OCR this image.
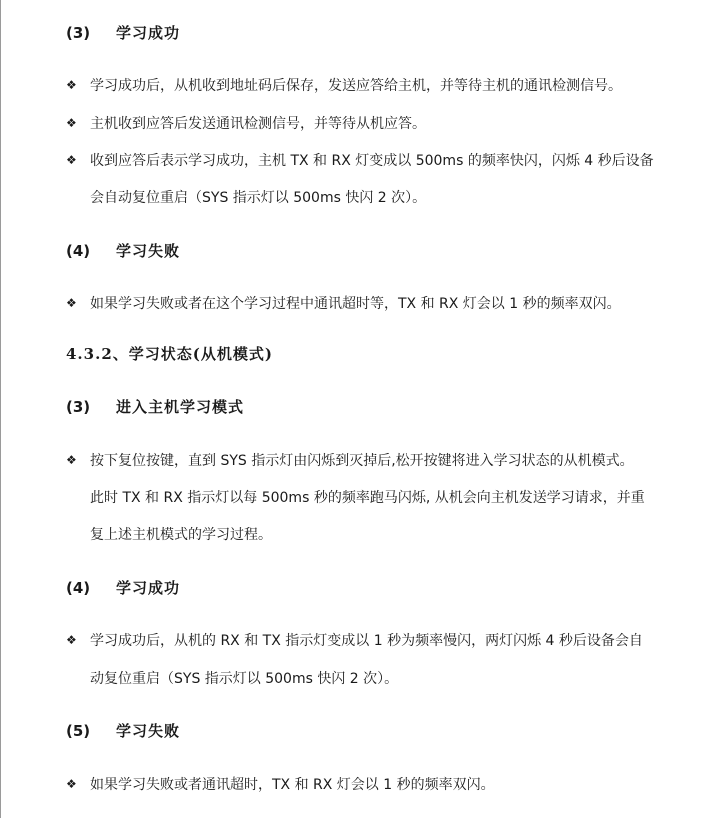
(3) 学习成功
❖ 学习成功后，从机收到地址码后保存，发送应答给主机，并等待主机的通讯检测信号。
❖ 主机收到应答后发送通讯检测信号，并等待从机应答。
❖ 收到应答后表示学习成功，主机 TX 和 RX 灯变成以 500ms 的频率快闪，闪烁 4 秒后设备
会自动复位重启（SYS 指示灯以 500ms 快闪 2 次）。
(4) 学习失败
❖ 如果学习失败或者在这个学习过程中通讯超时等，TX 和 RX 灯会以 1 秒的频率双闪。
4.3.2、学习状态(从机模式)
(3) 进入主机学习模式
❖ 按下复位按键，直到 SYS 指示灯由闪烁到灭掉后,松开按键将进入学习状态的从机模式。
此时 TX 和 RX 指示灯以每 500ms 秒的频率跑马闪烁, 从机会向主机发送学习请求，并重
复上述主机模式的学习过程。
(4) 学习成功
❖ 学习成功后，从机的 RX 和 TX 指示灯变成以 1 秒为频率慢闪，两灯闪烁 4 秒后设备会自
动复位重启（SYS 指示灯以 500ms 快闪 2 次）。
(5) 学习失败
❖ 如果学习失败或者通讯超时，TX 和 RX 灯会以 1 秒的频率双闪。
